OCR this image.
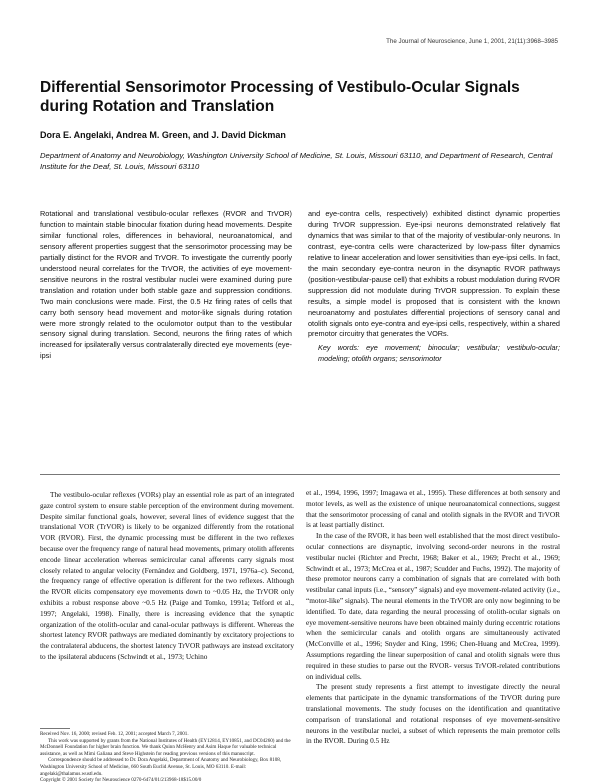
The Journal of Neuroscience, June 1, 2001, 21(11):3968–3985
Differential Sensorimotor Processing of Vestibulo-Ocular Signals during Rotation and Translation
Dora E. Angelaki, Andrea M. Green, and J. David Dickman
Department of Anatomy and Neurobiology, Washington University School of Medicine, St. Louis, Missouri 63110, and Department of Research, Central Institute for the Deaf, St. Louis, Missouri 63110
Rotational and translational vestibulo-ocular reflexes (RVOR and TrVOR) function to maintain stable binocular fixation during head movements. Despite similar functional roles, differences in behavioral, neuroanatomical, and sensory afferent properties suggest that the sensorimotor processing may be partially distinct for the RVOR and TrVOR. To investigate the currently poorly understood neural correlates for the TrVOR, the activities of eye movement-sensitive neurons in the rostral vestibular nuclei were examined during pure translation and rotation under both stable gaze and suppression conditions. Two main conclusions were made. First, the 0.5 Hz firing rates of cells that carry both sensory head movement and motor-like signals during rotation were more strongly related to the oculomotor output than to the vestibular sensory signal during translation. Second, neurons the firing rates of which increased for ipsilaterally versus contralaterally directed eye movements (eye-ipsi
and eye-contra cells, respectively) exhibited distinct dynamic properties during TrVOR suppression. Eye-ipsi neurons demonstrated relatively flat dynamics that was similar to that of the majority of vestibular-only neurons. In contrast, eye-contra cells were characterized by low-pass filter dynamics relative to linear acceleration and lower sensitivities than eye-ipsi cells. In fact, the main secondary eye-contra neuron in the disynaptic RVOR pathways (position-vestibular-pause cell) that exhibits a robust modulation during RVOR suppression did not modulate during TrVOR suppression. To explain these results, a simple model is proposed that is consistent with the known neuroanatomy and postulates differential projections of sensory canal and otolith signals onto eye-contra and eye-ipsi cells, respectively, within a shared premotor circuitry that generates the VORs.
Key words: eye movement; binocular; vestibular; vestibulo-ocular; modeling; otolith organs; sensorimotor

The vestibulo-ocular reflexes (VORs) play an essential role as part of an integrated gaze control system to ensure stable perception of the environment during movement. Despite similar functional goals, however, several lines of evidence suggest that the translational VOR (TrVOR) is likely to be organized differently from the rotational VOR (RVOR). First, the dynamic processing must be different in the two reflexes because over the frequency range of natural head movements, primary otolith afferents encode linear acceleration whereas semicircular canal afferents carry signals most closely related to angular velocity (Fernández and Goldberg, 1971, 1976a–c). Second, the frequency range of effective operation is different for the two reflexes. Although the RVOR elicits compensatory eye movements down to ~0.05 Hz, the TrVOR only exhibits a robust response above ~0.5 Hz (Paige and Tomko, 1991a; Telford et al., 1997; Angelaki, 1998). Finally, there is increasing evidence that the synaptic organization of the otolith-ocular and canal-ocular pathways is different. Whereas the shortest latency RVOR pathways are mediated dominantly by excitatory projections to the contralateral abducens, the shortest latency TrVOR pathways are instead excitatory to the ipsilateral abducens (Schwindt et al., 1973; Uchino

et al., 1994, 1996, 1997; Imagawa et al., 1995). These differences at both sensory and motor levels, as well as the existence of unique neuroanatomical connections, suggest that the sensorimotor processing of canal and otolith signals in the RVOR and TrVOR is at least partially distinct.

In the case of the RVOR, it has been well established that the most direct vestibulo-ocular connections are disynaptic, involving second-order neurons in the rostral vestibular nuclei (Richter and Precht, 1968; Baker et al., 1969; Precht et al., 1969; Schwindt et al., 1973; McCrea et al., 1987; Scudder and Fuchs, 1992). The majority of these premotor neurons carry a combination of signals that are correlated with both vestibular canal inputs (i.e., “sensory” signals) and eye movement-related activity (i.e., “motor-like” signals). The neural elements in the TrVOR are only now beginning to be identified. To date, data regarding the neural processing of otolith-ocular signals on eye movement-sensitive neurons have been obtained mainly during eccentric rotations when the semicircular canals and otolith organs are simultaneously activated (McConville et al., 1996; Snyder and King, 1996; Chen-Huang and McCrea, 1999). Assumptions regarding the linear superposition of canal and otolith signals were thus required in these studies to parse out the RVOR- versus TrVOR-related contributions on individual cells.

The present study represents a first attempt to investigate directly the neural elements that participate in the dynamic transformations of the TrVOR during pure translational movements. The study focuses on the identification and quantitative comparison of translational and rotational responses of eye movement-sensitive neurons in the vestibular nuclei, a subset of which represents the main premotor cells in the RVOR. During 0.5 Hz

Received Nov. 16, 2000; revised Feb. 12, 2001; accepted March 7, 2001.

This work was supported by grants from the National Institutes of Health (EY12814, EY10851, and DC04260) and the McDonnell Foundation for higher brain function. We thank Quinn McHenry and Asim Haque for valuable technical assistance, as well as Mimi Galiana and Steve Highstein for reading previous versions of this manuscript.

Correspondence should be addressed to Dr. Dora Angelaki, Department of Anatomy and Neurobiology, Box 8108, Washington University School of Medicine, 660 South Euclid Avenue, St. Louis, MO 63110. E-mail: angelaki@thalamus.wustl.edu.

Copyright © 2001 Society for Neuroscience 0270-6474/01/213968-18$15.00/0
